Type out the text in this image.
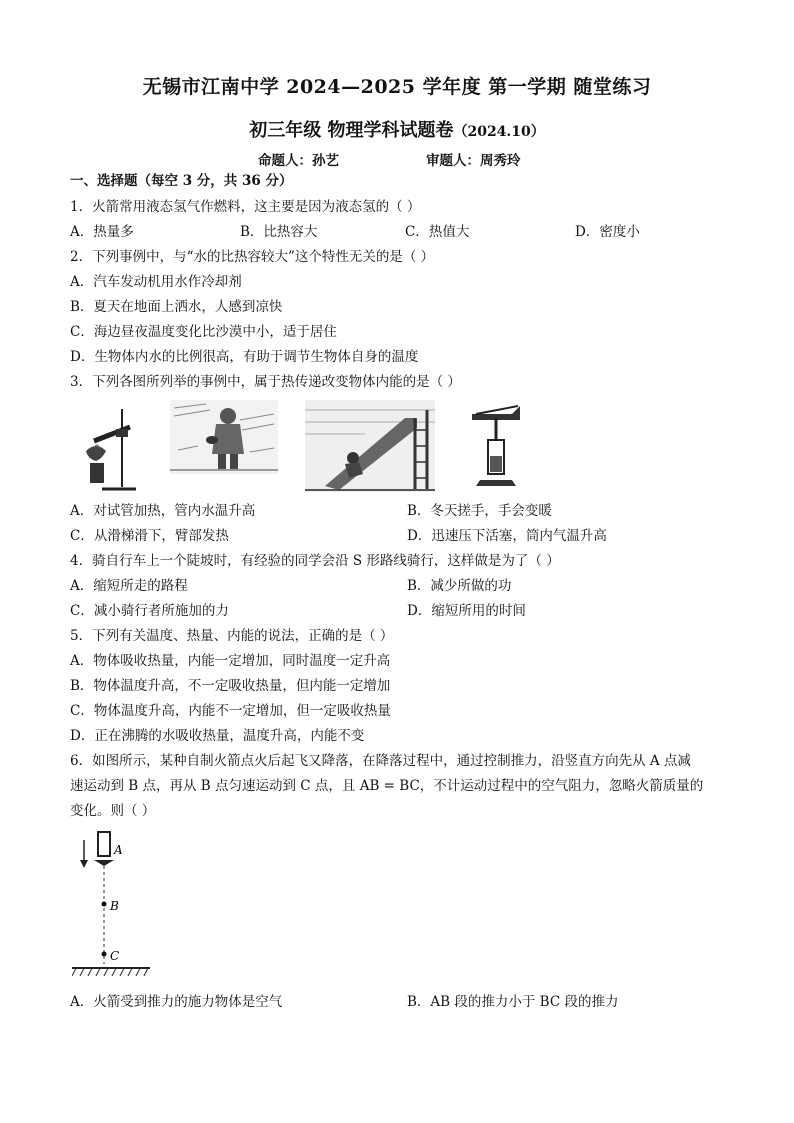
无锡市江南中学 2024—2025 学年度 第一学期 随堂练习
初三年级 物理学科试题卷（2024.10）
命题人：孙艺	审题人：周秀玲
一、选择题（每空 3 分，共 36 分）
1．火箭常用液态氢气作燃料，这主要是因为液态氢的（ ）
A．热量多	B．比热容大	C．热值大	D．密度小
2．下列事例中，与“水的比热容较大”这个特性无关的是（ ）
A．汽车发动机用水作冷却剂
B．夏天在地面上洒水，人感到凉快
C．海边昼夜温度变化比沙漠中小，适于居住
D．生物体内水的比例很高，有助于调节生物体自身的温度
3．下列各图所列举的事例中，属于热传递改变物体内能的是（ ）
A．对试管加热，管内水温升高	B．冬天搓手，手会变暖
C．从滑梯滑下，臂部发热	D．迅速压下活塞，筒内气温升高
4．骑自行车上一个陡坡时，有经验的同学会沿 S 形路线骑行，这样做是为了（ ）
A．缩短所走的路程	B．减少所做的功
C．减小骑行者所施加的力	D．缩短所用的时间
5．下列有关温度、热量、内能的说法，正确的是（ ）
A．物体吸收热量，内能一定增加，同时温度一定升高
B．物体温度升高，不一定吸收热量，但内能一定增加
C．物体温度升高，内能不一定增加，但一定吸收热量
D．正在沸腾的水吸收热量，温度升高，内能不变
6．如图所示，某种自制火箭点火后起飞又降落，在降落过程中，通过控制推力，沿竖直方向先从 A 点减
速运动到 B 点，再从 B 点匀速运动到 C 点，且 AB = BC，不计运动过程中的空气阻力，忽略火箭质量的
变化。则（ ）
A
B
C
A．火箭受到推力的施力物体是空气	B．AB 段的推力小于 BC 段的推力
